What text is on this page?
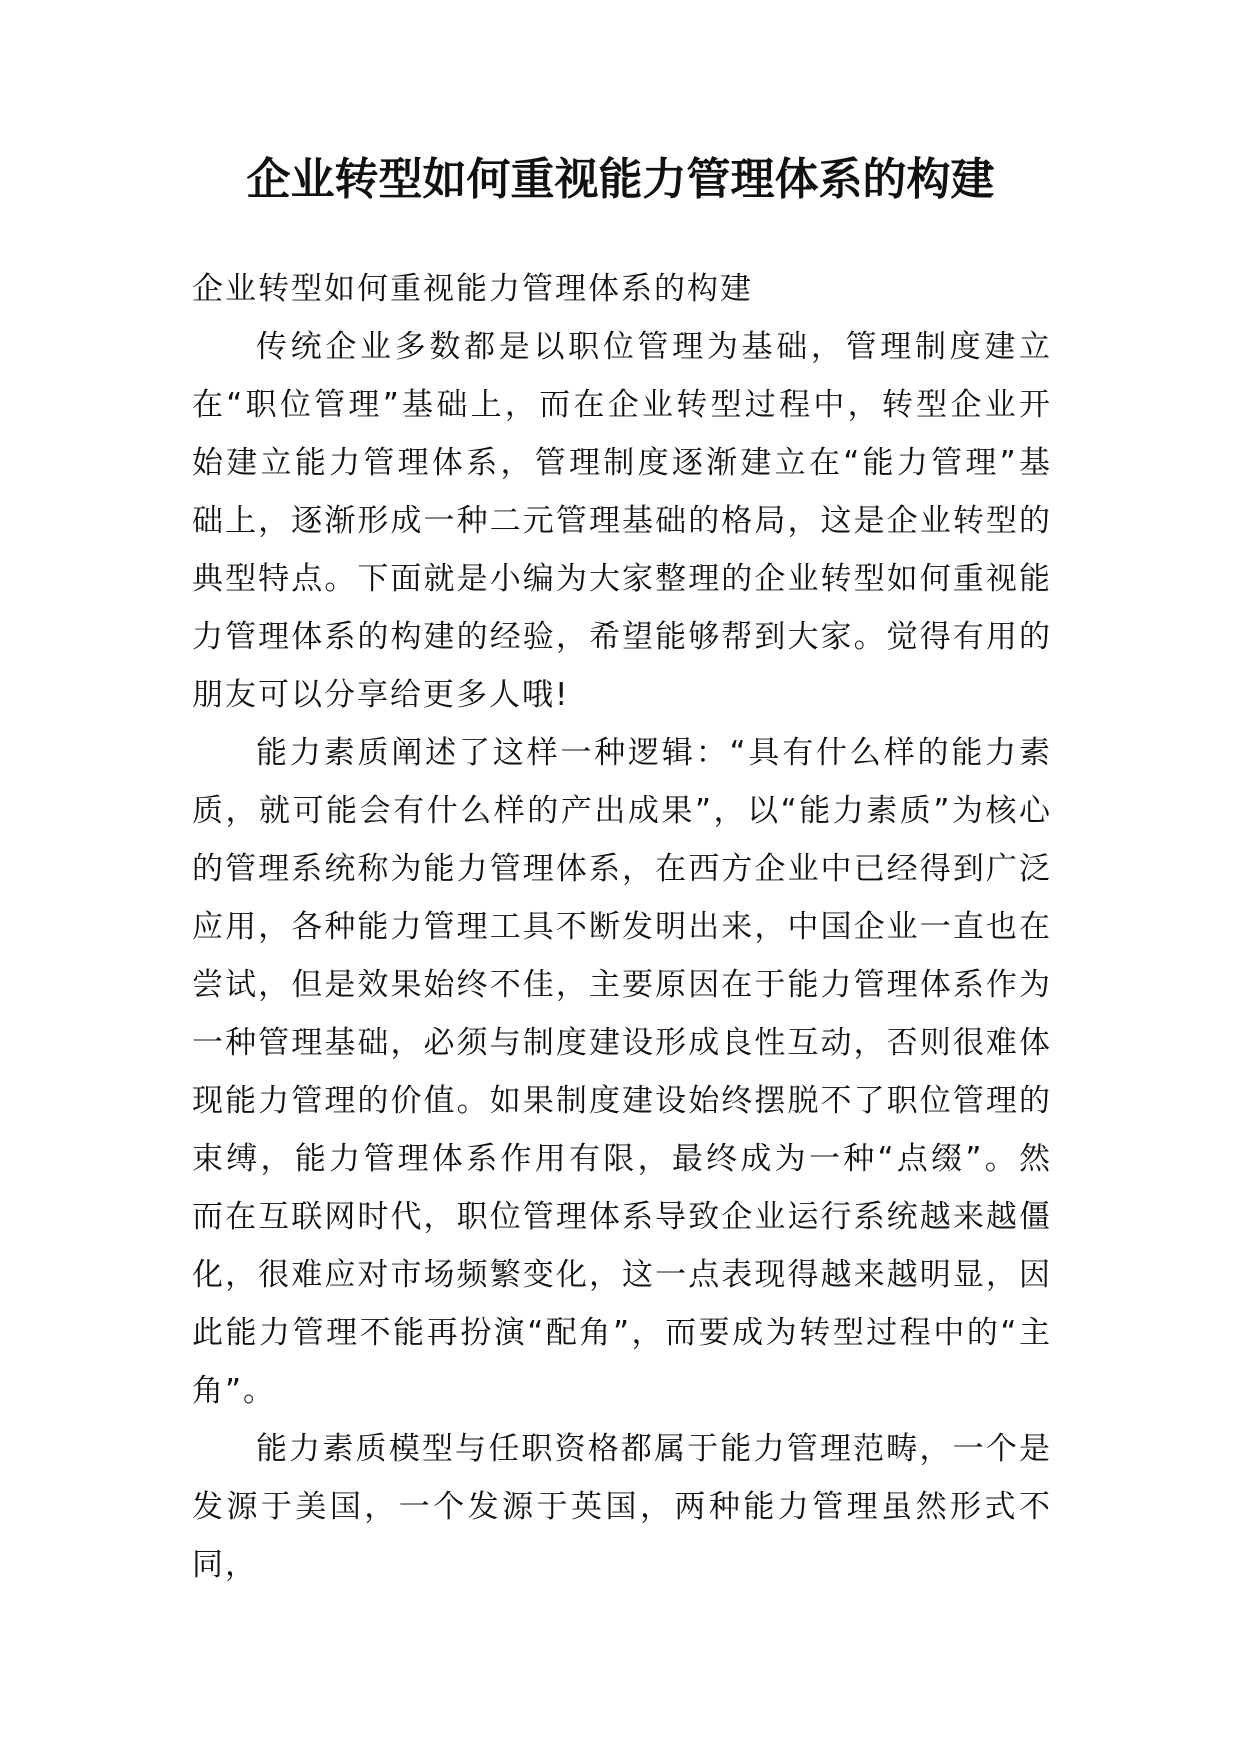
企业转型如何重视能力管理体系的构建

企业转型如何重视能力管理体系的构建

传统企业多数都是以职位管理为基础，管理制度建立在“职位管理”基础上，而在企业转型过程中，转型企业开始建立能力管理体系，管理制度逐渐建立在“能力管理”基础上，逐渐形成一种二元管理基础的格局，这是企业转型的典型特点。下面就是小编为大家整理的企业转型如何重视能力管理体系的构建的经验，希望能够帮到大家。觉得有用的朋友可以分享给更多人哦!

能力素质阐述了这样一种逻辑：“具有什么样的能力素质，就可能会有什么样的产出成果”，以“能力素质”为核心的管理系统称为能力管理体系，在西方企业中已经得到广泛应用，各种能力管理工具不断发明出来，中国企业一直也在尝试，但是效果始终不佳，主要原因在于能力管理体系作为一种管理基础，必须与制度建设形成良性互动，否则很难体现能力管理的价值。如果制度建设始终摆脱不了职位管理的束缚，能力管理体系作用有限，最终成为一种“点缀”。然而在互联网时代，职位管理体系导致企业运行系统越来越僵化，很难应对市场频繁变化，这一点表现得越来越明显，因此能力管理不能再扮演“配角”，而要成为转型过程中的“主角”。

能力素质模型与任职资格都属于能力管理范畴，一个是发源于美国，一个发源于英国，两种能力管理虽然形式不同，
